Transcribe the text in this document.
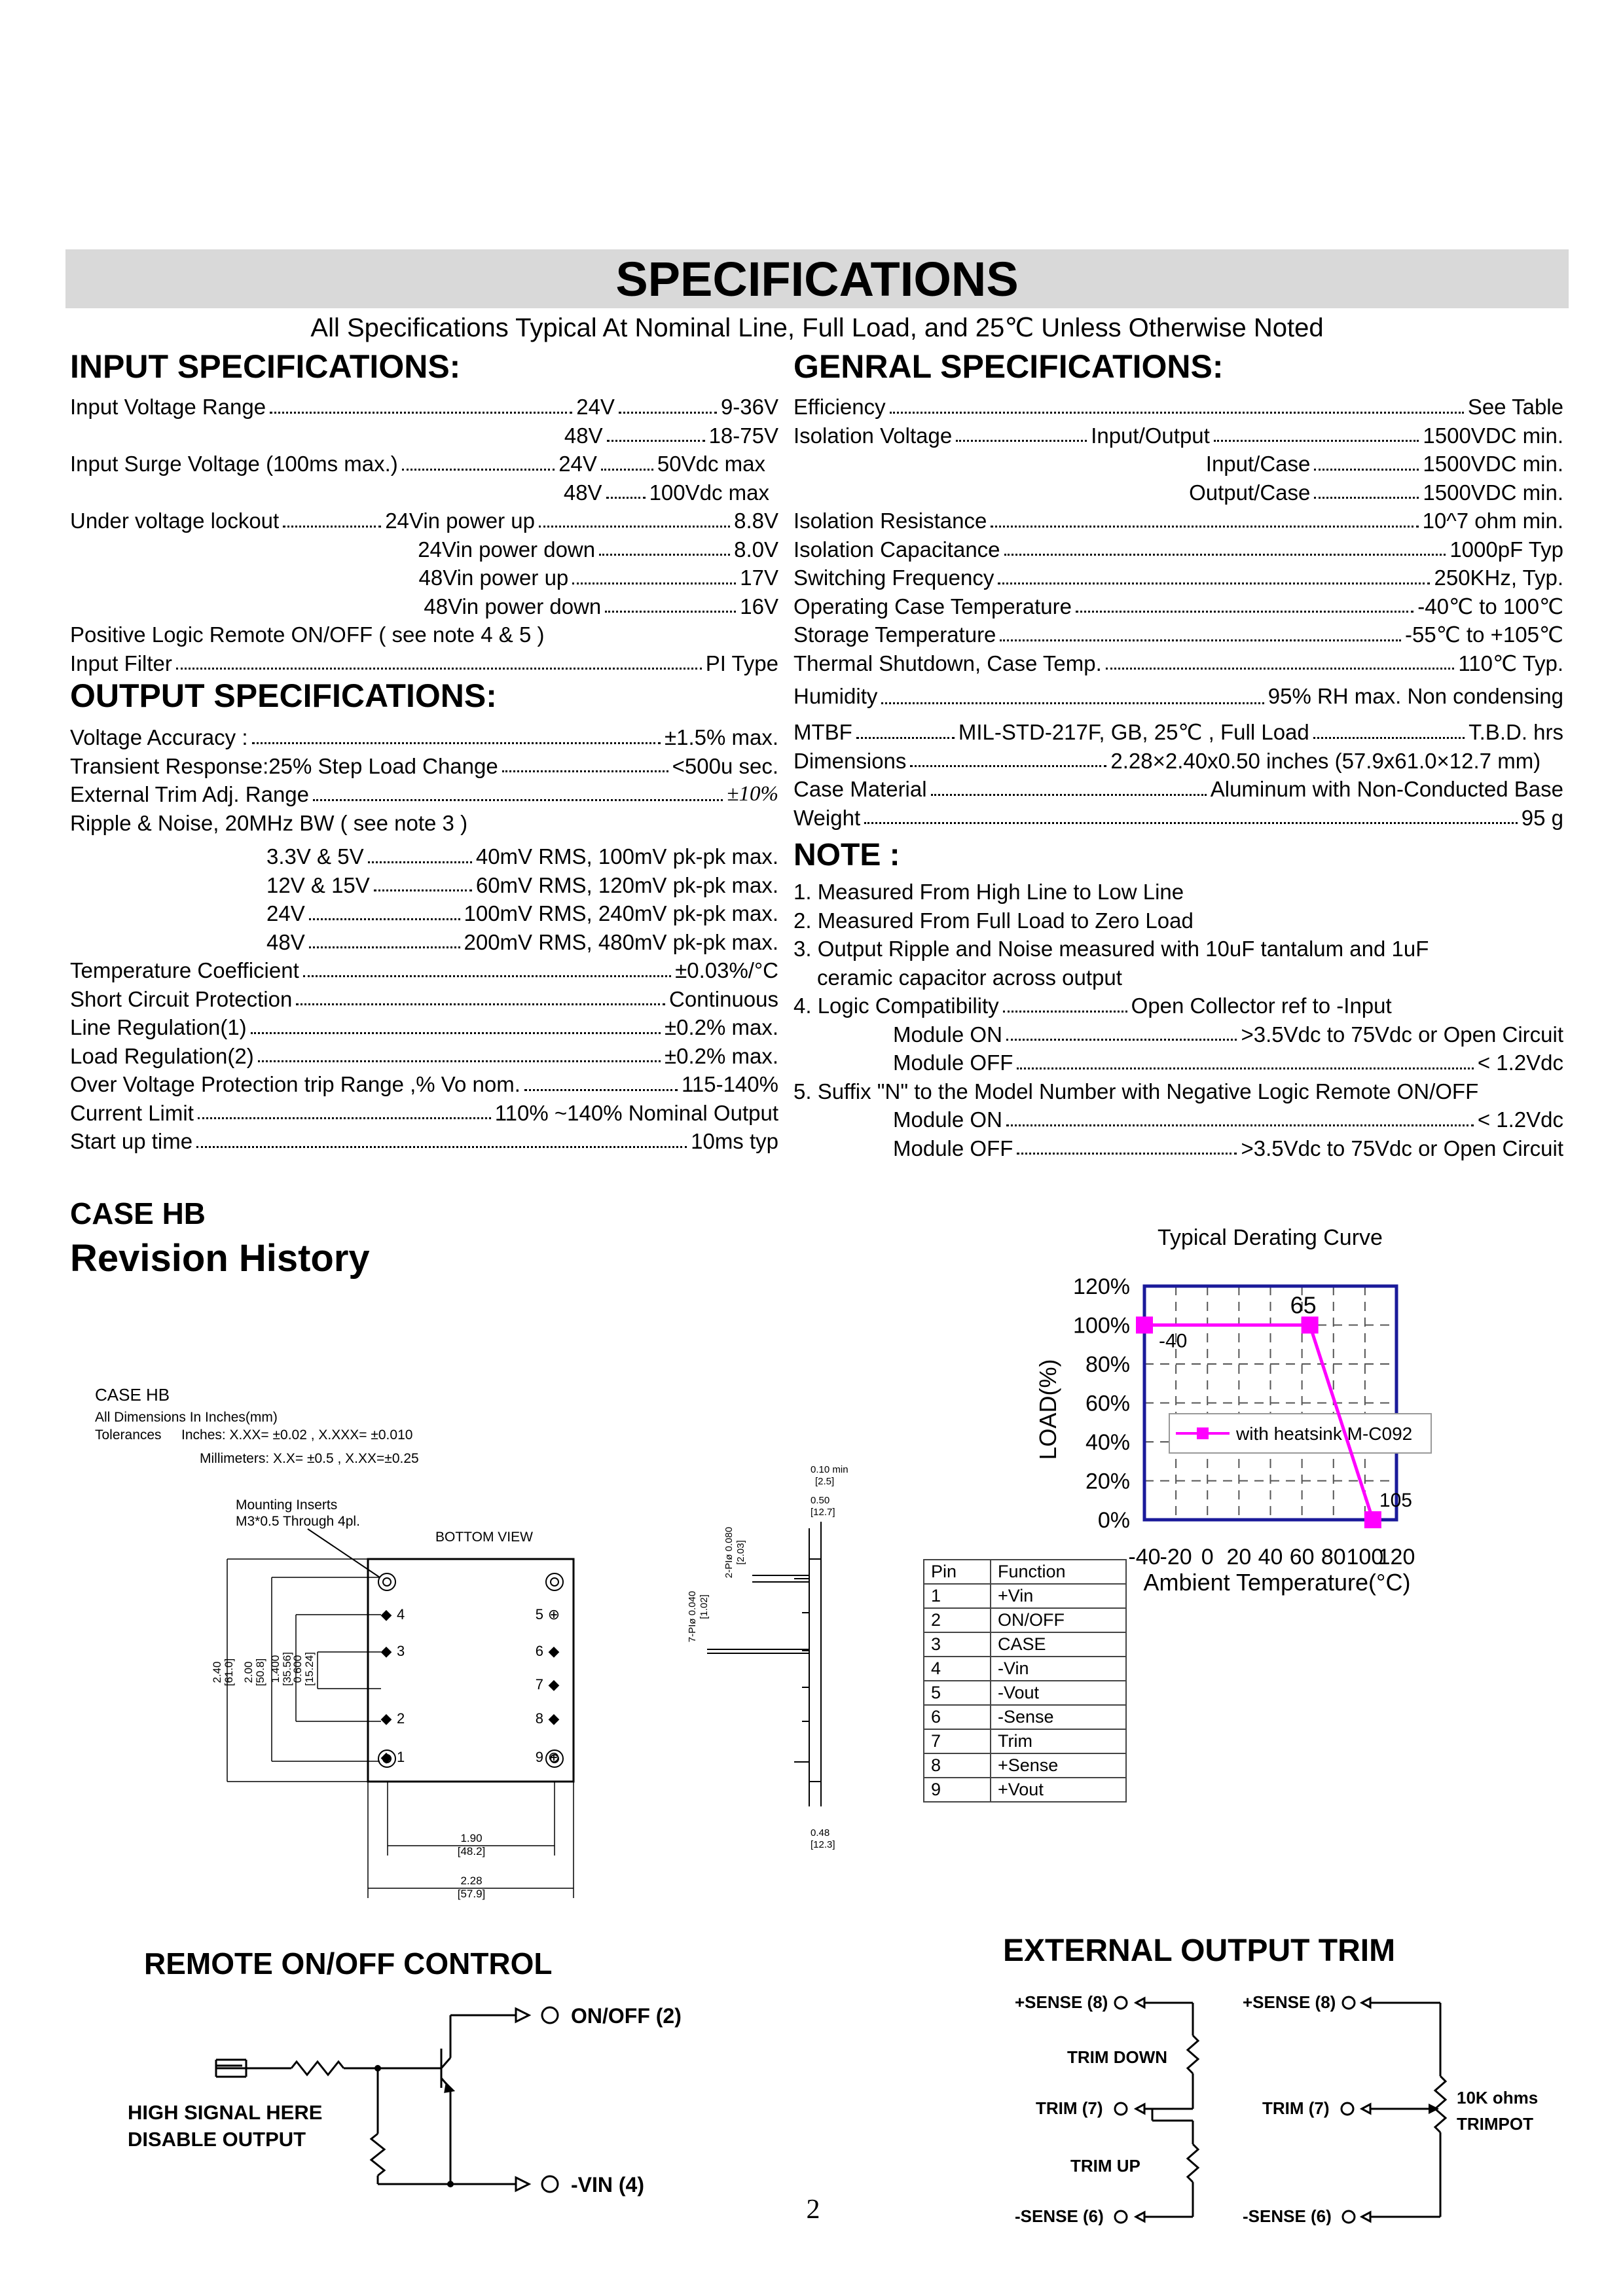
SPECIFICATIONS
All Specifications Typical At Nominal Line, Full Load, and 25℃ Unless Otherwise Noted
INPUT SPECIFICATIONS:
Input Voltage Range	24V	9-36V
48V	18-75V
Input Surge Voltage (100ms max.)	24V	50Vdc max
48V 100Vdc max
Under voltage lockout	24Vin power up	8.8V
24Vin power down	8.0V
48Vin power up	17V
48Vin power down	16V
Positive Logic Remote ON/OFF ( see note 4 & 5 )
Input Filter	PI Type
OUTPUT SPECIFICATIONS:
Voltage Accuracy :	±1.5% max.
Transient Response:25% Step Load Change	<500u sec.
External Trim Adj. Range	±10%
Ripple & Noise, 20MHz BW ( see note 3 )
3.3V & 5V	40mV RMS, 100mV pk-pk max.
12V & 15V	60mV RMS, 120mV pk-pk max.
24V	100mV RMS, 240mV pk-pk max.
48V	200mV RMS, 480mV pk-pk max.
Temperature Coefficient	±0.03%/°C
Short Circuit Protection	Continuous
Line Regulation(1)	±0.2% max.
Load Regulation(2)	±0.2% max.
Over Voltage Protection trip Range ,% Vo nom.	115-140%
Current Limit	110% ~140% Nominal Output
Start up time	10ms typ
GENRAL SPECIFICATIONS:
Efficiency	See Table
Isolation Voltage	Input/Output	1500VDC min.
Input/Case	1500VDC min.
Output/Case	1500VDC min.
Isolation Resistance	10^7 ohm min.
Isolation Capacitance	1000pF Typ
Switching Frequency	250KHz, Typ.
Operating Case Temperature	-40℃ to 100℃
Storage Temperature	-55℃ to +105℃
Thermal Shutdown, Case Temp.	110℃ Typ.
Humidity	95% RH max. Non condensing
MTBF	MIL-STD-217F, GB, 25℃ , Full Load	T.B.D. hrs
Dimensions	2.28×2.40x0.50 inches (57.9x61.0×12.7 mm)
Case Material	Aluminum with Non-Conducted Base
Weight	95 g
NOTE :
1. Measured From High Line to Low Line
2. Measured From Full Load to Zero Load
3. Output Ripple and Noise measured with 10uF tantalum and 1uF
ceramic capacitor across output
4. Logic Compatibility	Open Collector ref to -Input
Module ON	>3.5Vdc to 75Vdc or Open Circuit
Module OFF	< 1.2Vdc
5. Suffix "N" to the Model Number with Negative Logic Remote ON/OFF
Module ON	< 1.2Vdc
Module OFF	>3.5Vdc to 75Vdc or Open Circuit
CASE HB
Revision History	Typical Derating Curve
120%
100%
80%
60%
40%
20%
0%
-40
-20 0 20 40 60 80 100
120
LOAD(%)
Ambient Temperature(°C)
with heatsink M-C092
-40
65
105
CASE HB
All Dimensions In Inches(mm)
Tolerances Inches: X.XX= ±0.02 , X.XXX= ±0.010
Millimeters: X.X= ±0.5 , X.XX=±0.25
Mounting Inserts
M3*0.5 Through 4pl.
BOTTOM VIEW
◆ 4
◆ 3
◆ 2
◆ 1
5 ⊕
6 ◆
7 ◆
8 ◆
9 ⊕
2.40 [61.0] 2.00 [50.8] 1.400 [35.56]
0.600 [15.24]
1.90
[48.2]
2.28
[57.9]
0.10 min
[2.5]
0.50
[12.7]
0.48
[12.3]
7-PIø 0.040 [1.02]
2-PIø 0.080 [2.03]
Pin	Function
1	+Vin
2	ON/OFF
3	CASE
4	-Vin
5	-Vout
6	-Sense
7	Trim
8	+Sense
9	+Vout
REMOTE ON/OFF CONTROL
ON/OFF (2)
-VIN (4)
HIGH SIGNAL HERE
DISABLE OUTPUT
EXTERNAL OUTPUT TRIM
+SENSE (8)
TRIM DOWN
TRIM (7)
TRIM UP
-SENSE (6)
+SENSE (8)
TRIM (7)
-SENSE (6)
10K ohms
TRIMPOT
2
